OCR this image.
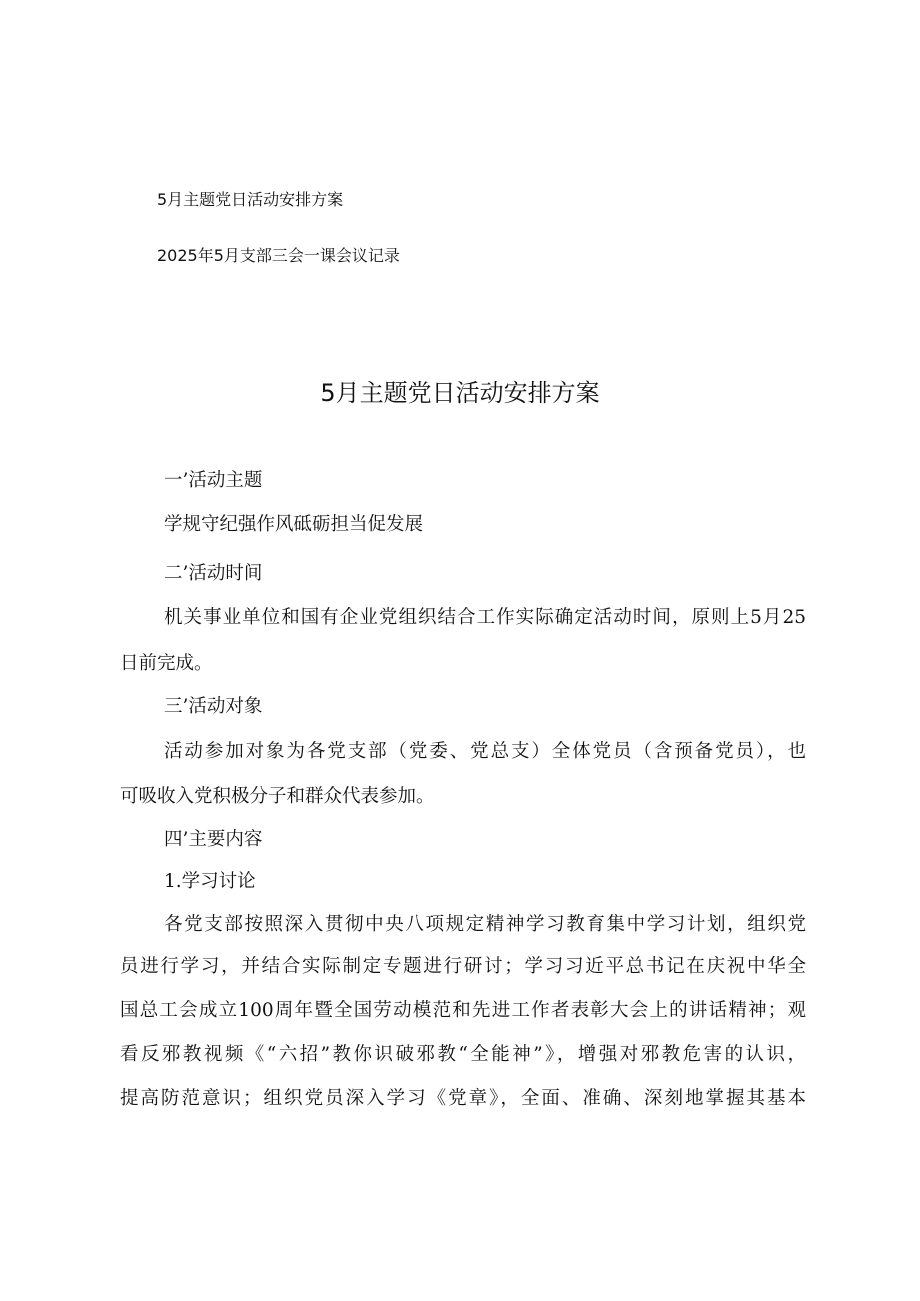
5月主题党日活动安排方案
2025年5月支部三会一课会议记录
5月主题党日活动安排方案
一’活动主题
学规守纪强作风砥砺担当促发展
二’活动时间
机关事业单位和国有企业党组织结合工作实际确定活动时间，原则上5月25
日前完成。
三’活动对象
活动参加对象为各党支部（党委、党总支）全体党员（含预备党员），也
可吸收入党积极分子和群众代表参加。
四’主要内容
1.学习讨论
各党支部按照深入贯彻中央八项规定精神学习教育集中学习计划，组织党
员进行学习，并结合实际制定专题进行研讨；学习习近平总书记在庆祝中华全
国总工会成立100周年暨全国劳动模范和先进工作者表彰大会上的讲话精神；观
看反邪教视频《“六招”教你识破邪教“全能神”》，增强对邪教危害的认识，
提高防范意识；组织党员深入学习《党章》，全面、准确、深刻地掌握其基本
